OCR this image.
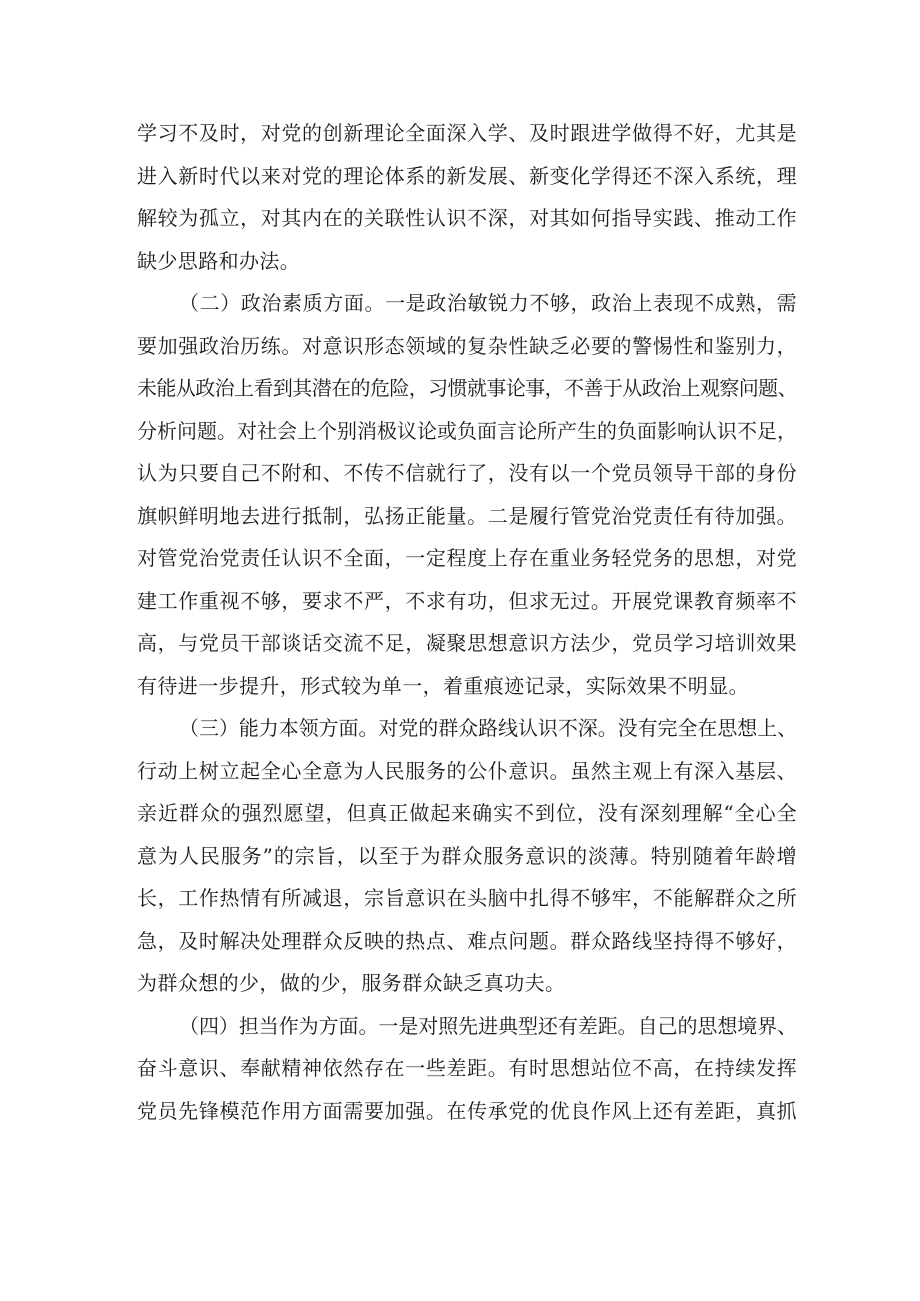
学习不及时，对党的创新理论全面深入学、及时跟进学做得不好，尤其是
进入新时代以来对党的理论体系的新发展、新变化学得还不深入系统，理
解较为孤立，对其内在的关联性认识不深，对其如何指导实践、推动工作
缺少思路和办法。
（二）政治素质方面。一是政治敏锐力不够，政治上表现不成熟，需
要加强政治历练。对意识形态领域的复杂性缺乏必要的警惕性和鉴别力，
未能从政治上看到其潜在的危险，习惯就事论事，不善于从政治上观察问题、
分析问题。对社会上个别消极议论或负面言论所产生的负面影响认识不足，
认为只要自己不附和、不传不信就行了，没有以一个党员领导干部的身份
旗帜鲜明地去进行抵制，弘扬正能量。二是履行管党治党责任有待加强。
对管党治党责任认识不全面，一定程度上存在重业务轻党务的思想，对党
建工作重视不够，要求不严，不求有功，但求无过。开展党课教育频率不
高，与党员干部谈话交流不足，凝聚思想意识方法少，党员学习培训效果
有待进一步提升，形式较为单一，着重痕迹记录，实际效果不明显。
（三）能力本领方面。对党的群众路线认识不深。没有完全在思想上、
行动上树立起全心全意为人民服务的公仆意识。虽然主观上有深入基层、
亲近群众的强烈愿望，但真正做起来确实不到位，没有深刻理解“全心全
意为人民服务”的宗旨，以至于为群众服务意识的淡薄。特别随着年龄增
长，工作热情有所减退，宗旨意识在头脑中扎得不够牢，不能解群众之所
急，及时解决处理群众反映的热点、难点问题。群众路线坚持得不够好，
为群众想的少，做的少，服务群众缺乏真功夫。
（四）担当作为方面。一是对照先进典型还有差距。自己的思想境界、
奋斗意识、奉献精神依然存在一些差距。有时思想站位不高，在持续发挥
党员先锋模范作用方面需要加强。在传承党的优良作风上还有差距，真抓
